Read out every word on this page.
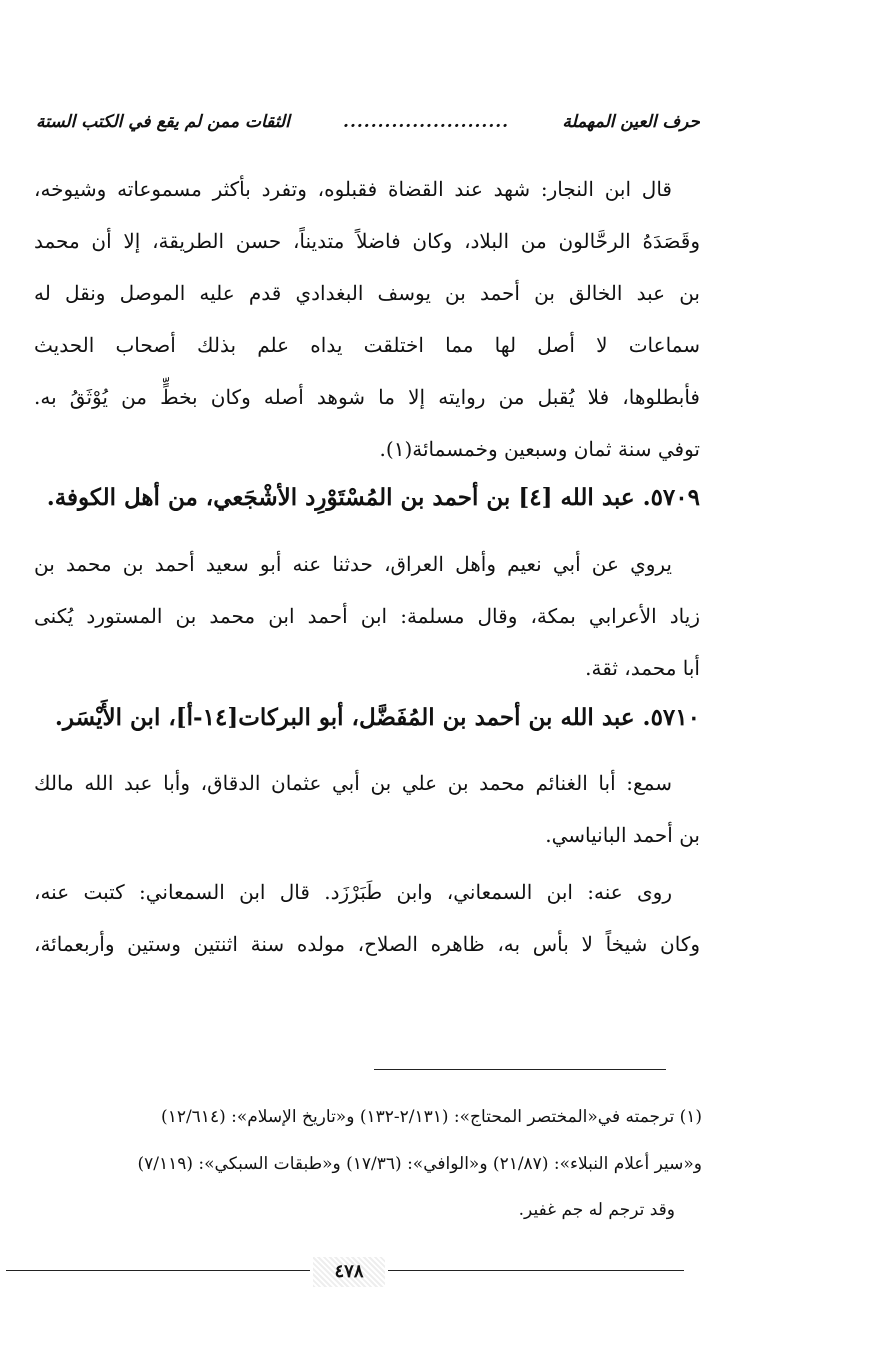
حرف العين المهملة
........................
الثقات ممن لم يقع في الكتب الستة
قال ابن النجار: شهد عند القضاة فقبلوه، وتفرد بأكثر مسموعاته وشيوخه،
وقَصَدَهُ الرحَّالون من البلاد، وكان فاضلاً متديناً، حسن الطريقة، إلا أن محمد
بن عبد الخالق بن أحمد بن يوسف البغدادي قدم عليه الموصل ونقل له
سماعات لا أصل لها مما اختلقت يداه علم بذلك أصحاب الحديث
فأبطلوها، فلا يُقبل من روايته إلا ما شوهد أصله وكان بخطٍّ من يُوْثَقُ به.
توفي سنة ثمان وسبعين وخمسمائة(١).
٥٧٠٩. عبد الله [٤] بن أحمد بن المُسْتَوْرِد الأشْجَعي، من أهل الكوفة.
يروي عن أبي نعيم وأهل العراق، حدثنا عنه أبو سعيد أحمد بن محمد بن
زياد الأعرابي بمكة، وقال مسلمة: ابن أحمد ابن محمد بن المستورد يُكنى
أبا محمد، ثقة.
٥٧١٠. عبد الله بن أحمد بن المُفَضَّل، أبو البركات[١٤-أ]، ابن الأَيْسَر.
سمع: أبا الغنائم محمد بن علي بن أبي عثمان الدقاق، وأبا عبد الله مالك
بن أحمد البانياسي.
روى عنه: ابن السمعاني، وابن طَبَرْزَد. قال ابن السمعاني: كتبت عنه،
وكان شيخاً لا بأس به، ظاهره الصلاح، مولده سنة اثنتين وستين وأربعمائة،
(١) ترجمته في«المختصر المحتاج»: (٢/١٣١-١٣٢) و«تاريخ الإسلام»: (١٢/٦١٤)
و«سير أعلام النبلاء»: (٢١/٨٧) و«الوافي»: (١٧/٣٦) و«طبقات السبكي»: (٧/١١٩)
وقد ترجم له جم غفير.
٤٧٨
